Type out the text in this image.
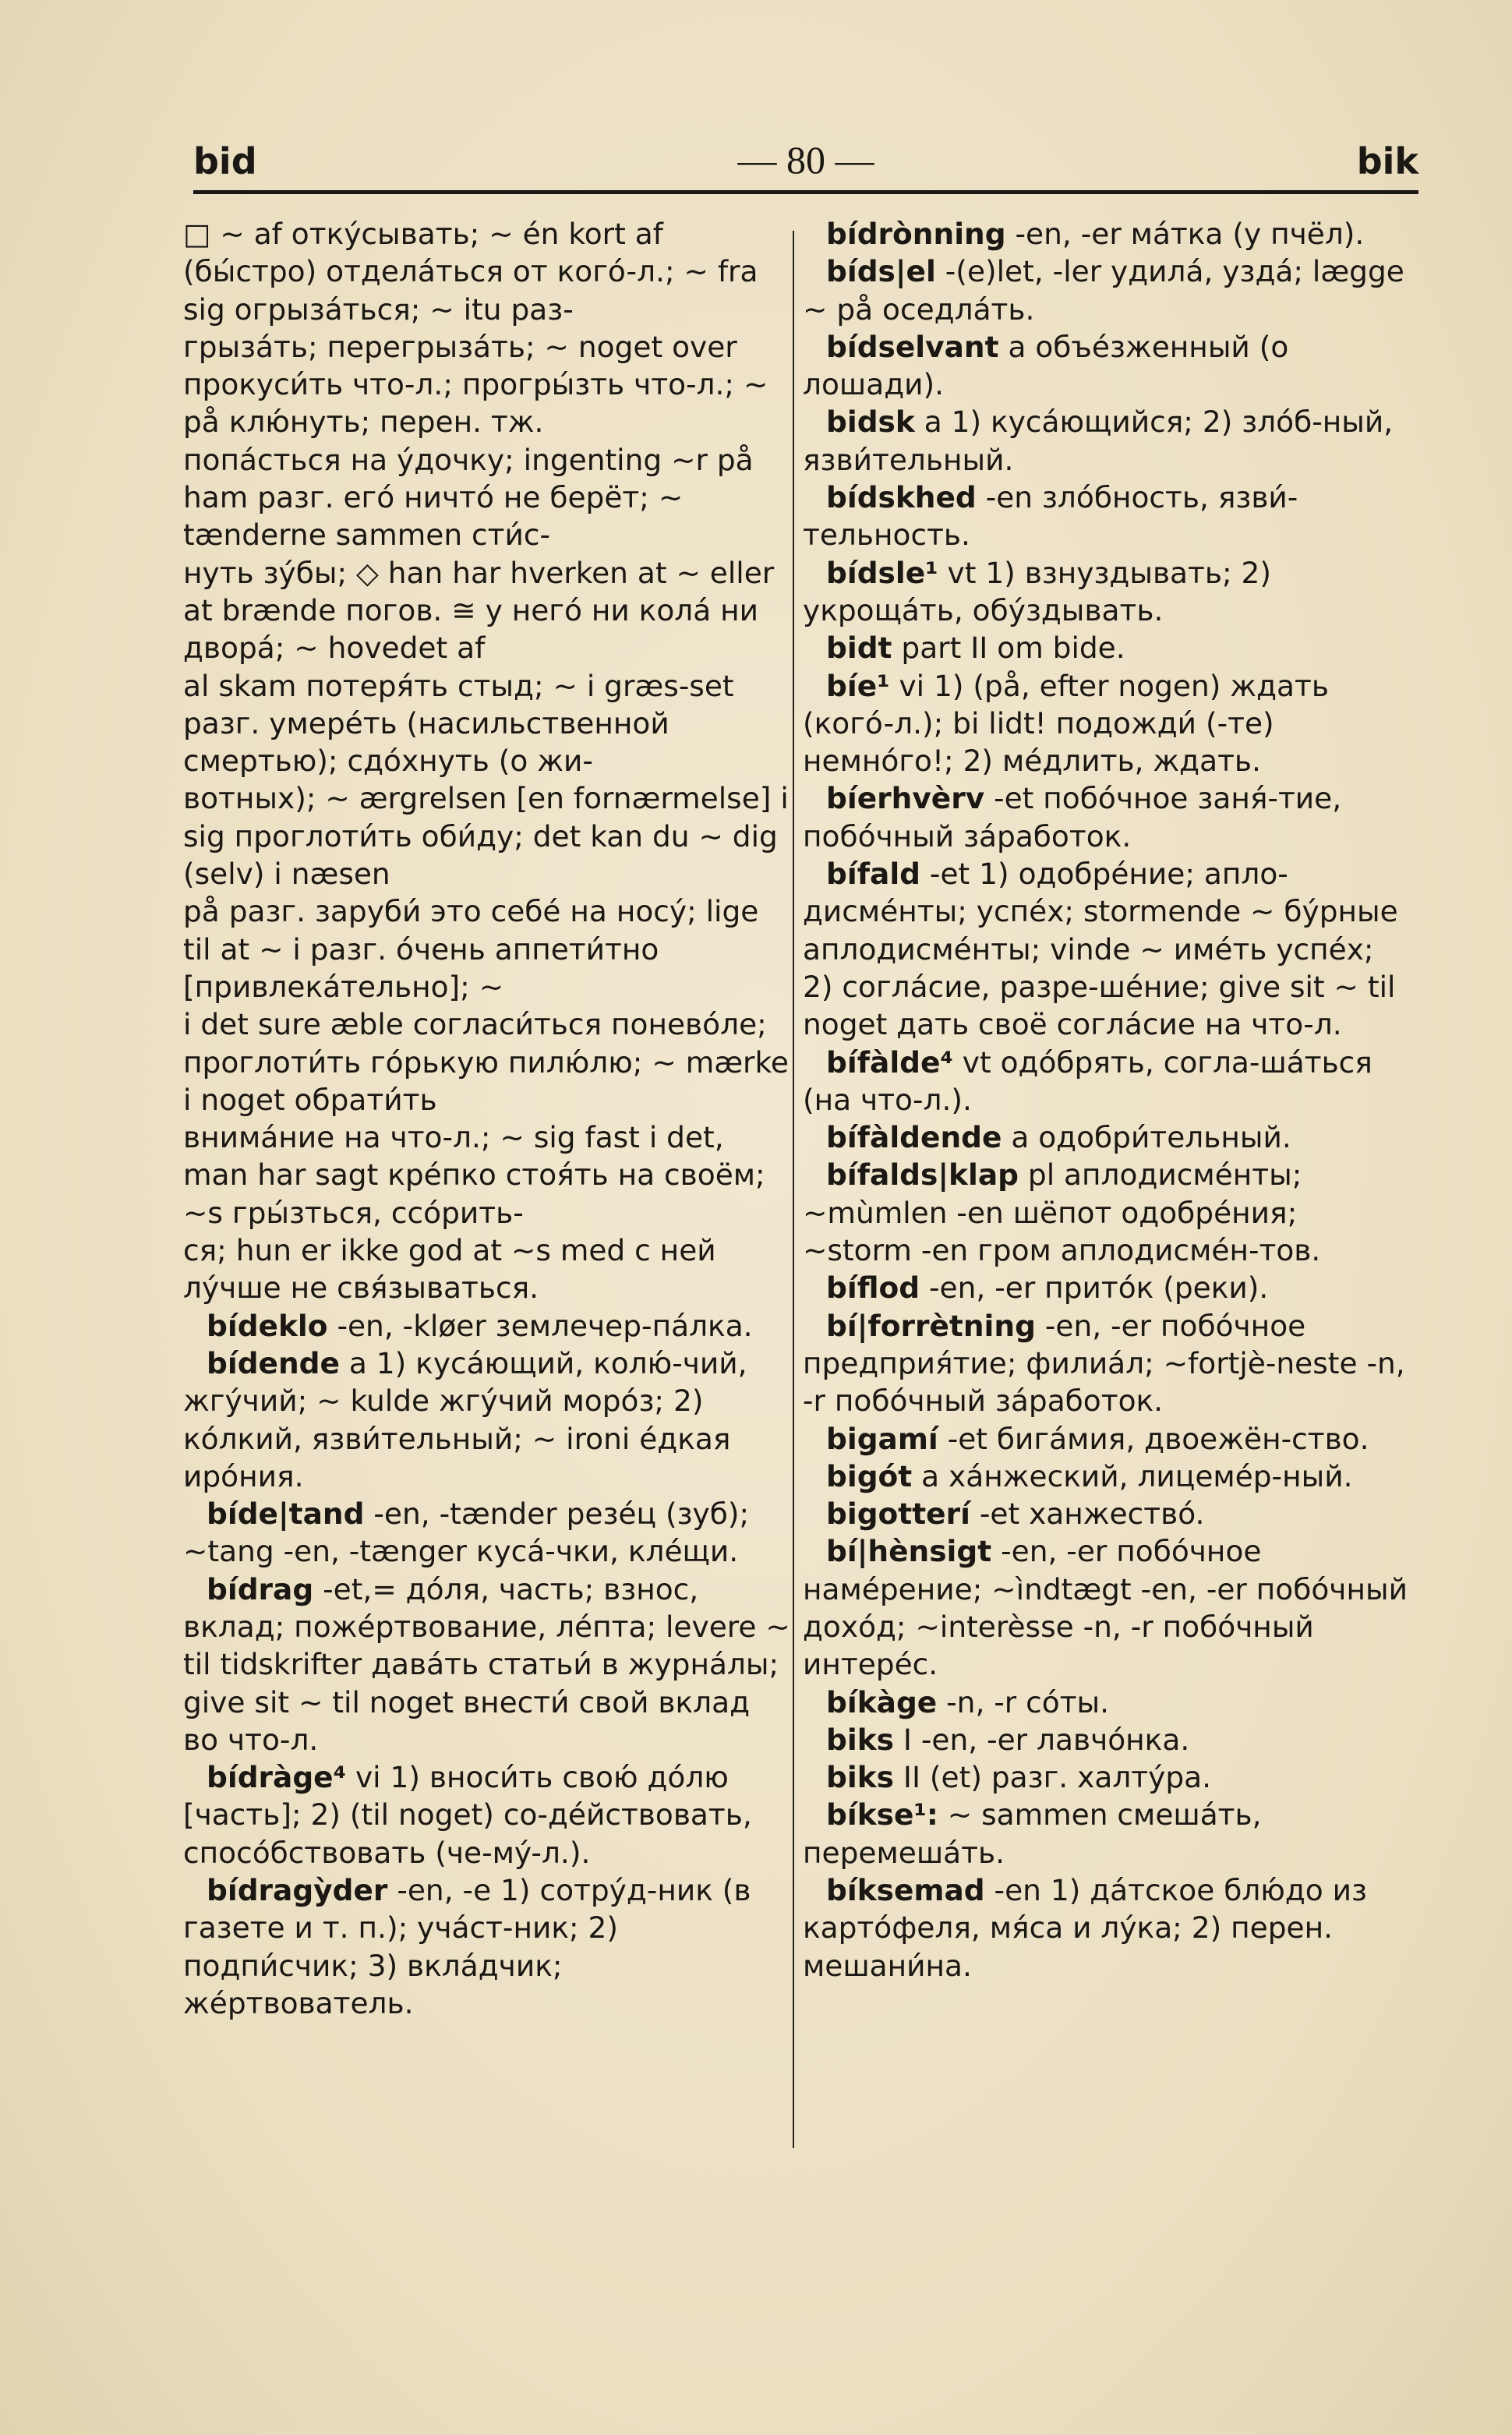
bid	— 80 —	bik

□ ~ af откýсывать; ~ én kort af (бы́стро) отделáться от когó-л.; ~ fra sig огрызáться; ~ itu раз-

грызáть; перегрызáть; ~ noget over прокуси́ть что-л.; прогры́зть что-л.; ~ på клю́нуть; перен. тж.

попáсться на ýдочку; ingenting ~r på ham разг. егó ничтó не берёт; ~ tænderne sammen сти́с-

нуть зýбы; ◇ han har hverken at ~ eller at brænde погов. ≅ у негó ни колá ни дворá; ~ hovedet af

al skam потеря́ть стыд; ~ i græs-set разг. умерéть (насильственной смертью); сдóхнуть (о жи-

вотных); ~ ærgrelsen [en fornærmelse] i sig проглоти́ть оби́ду; det kan du ~ dig (selv) i næsen

på разг. заруби́ это себé на носý; lige til at ~ i разг. óчень аппети́тно [привлекáтельно]; ~

i det sure æble согласи́ться понево́ле; проглоти́ть гóрькую пилю́лю; ~ mærke i noget обрати́ть

внимáние на что-л.; ~ sig fast i det, man har sagt крéпко стоя́ть на своём; ~s гры́зться, ссóрить-

ся; hun er ikke god at ~s med с ней лýчше не свя́зываться.

bídeklo -en, -kløer землечер-пáлка.

bídende a 1) кусáющий, колю́-чий, жгýчий; ~ kulde жгýчий морóз; 2) кóлкий, язви́тельный; ~ ironi éдкая ирóния.

bíde|tand -en, -tænder резéц (зуб); ~tang -en, -tænger кусá-чки, клéщи.

bídrag -et,= дóля, часть; взнос, вклад; пожéртвование, лéпта; levere ~ til tidskrifter давáть статьи́ в журнáлы; give sit ~ til noget внести́ свой вклад во что-л.

bídràge⁴ vi 1) вноси́ть свою́ дóлю [часть]; 2) (til noget) со-дéйствовать, спосóбствовать (че-мý-л.).

bídragỳder -en, -e 1) сотрýд-ник (в газете и т. п.); учáст-ник; 2) подпи́счик; 3) вклáдчик; жéртвователь.

bídrònning -en, -er мáтка (у пчёл).

bíds|el -(e)let, -ler удилá, уздá; lægge ~ på оседлáть.

bídselvant a объéзженный (о лошади).

bidsk a 1) кусáющийся; 2) злóб-ный, язви́тельный.

bídskhed -en злóбность, язви́-тельность.

bídsle¹ vt 1) взнуздывать; 2) укрощáть, обýздывать.

bidt part II om bide.

bíe¹ vi 1) (på, efter nogen) ждать (когó-л.); bi lidt! подожди́ (-те) немнóго!; 2) мéдлить, ждать.

bíerhvèrv -et побóчное заня́-тие, побóчный зáработок.

bífald -et 1) одобрéние; апло-дисмéнты; успéх; stormende ~ бýрные аплодисмéнты; vinde ~ имéть успéх; 2) соглáсие, разре-шéние; give sit ~ til noget дать своё соглáсие на что-л.

bífàlde⁴ vt одóбрять, согла-шáться (на что-л.).

bífàldende a одобри́тельный.

bífalds|klap pl аплодисмéнты; ~mùmlen -en шёпот одобрéния; ~storm -en гром аплодисмéн-тов.

bíflod -en, -er притóк (реки).

bí|forrètning -en, -er побóчное предприя́тие; филиáл; ~fortjè-neste -n, -r побóчный зáработок.

bigamí -et бигáмия, двоежён-ство.

bigót a хáнжеский, лицемéр-ный.

bigotterí -et ханжествó.

bí|hènsigt -en, -er побóчное намéрение; ~ìndtægt -en, -er побóчный дохóд; ~interèsse -n, -r побóчный интерéс.

bíkàge -n, -r сóты.

biks I -en, -er лавчóнка.

biks II (et) разг. халтýра.

bíkse¹: ~ sammen смешáть, перемешáть.

bíksemad -en 1) дáтское блю́до из картóфеля, мя́са и лýка; 2) перен. мешани́на.
